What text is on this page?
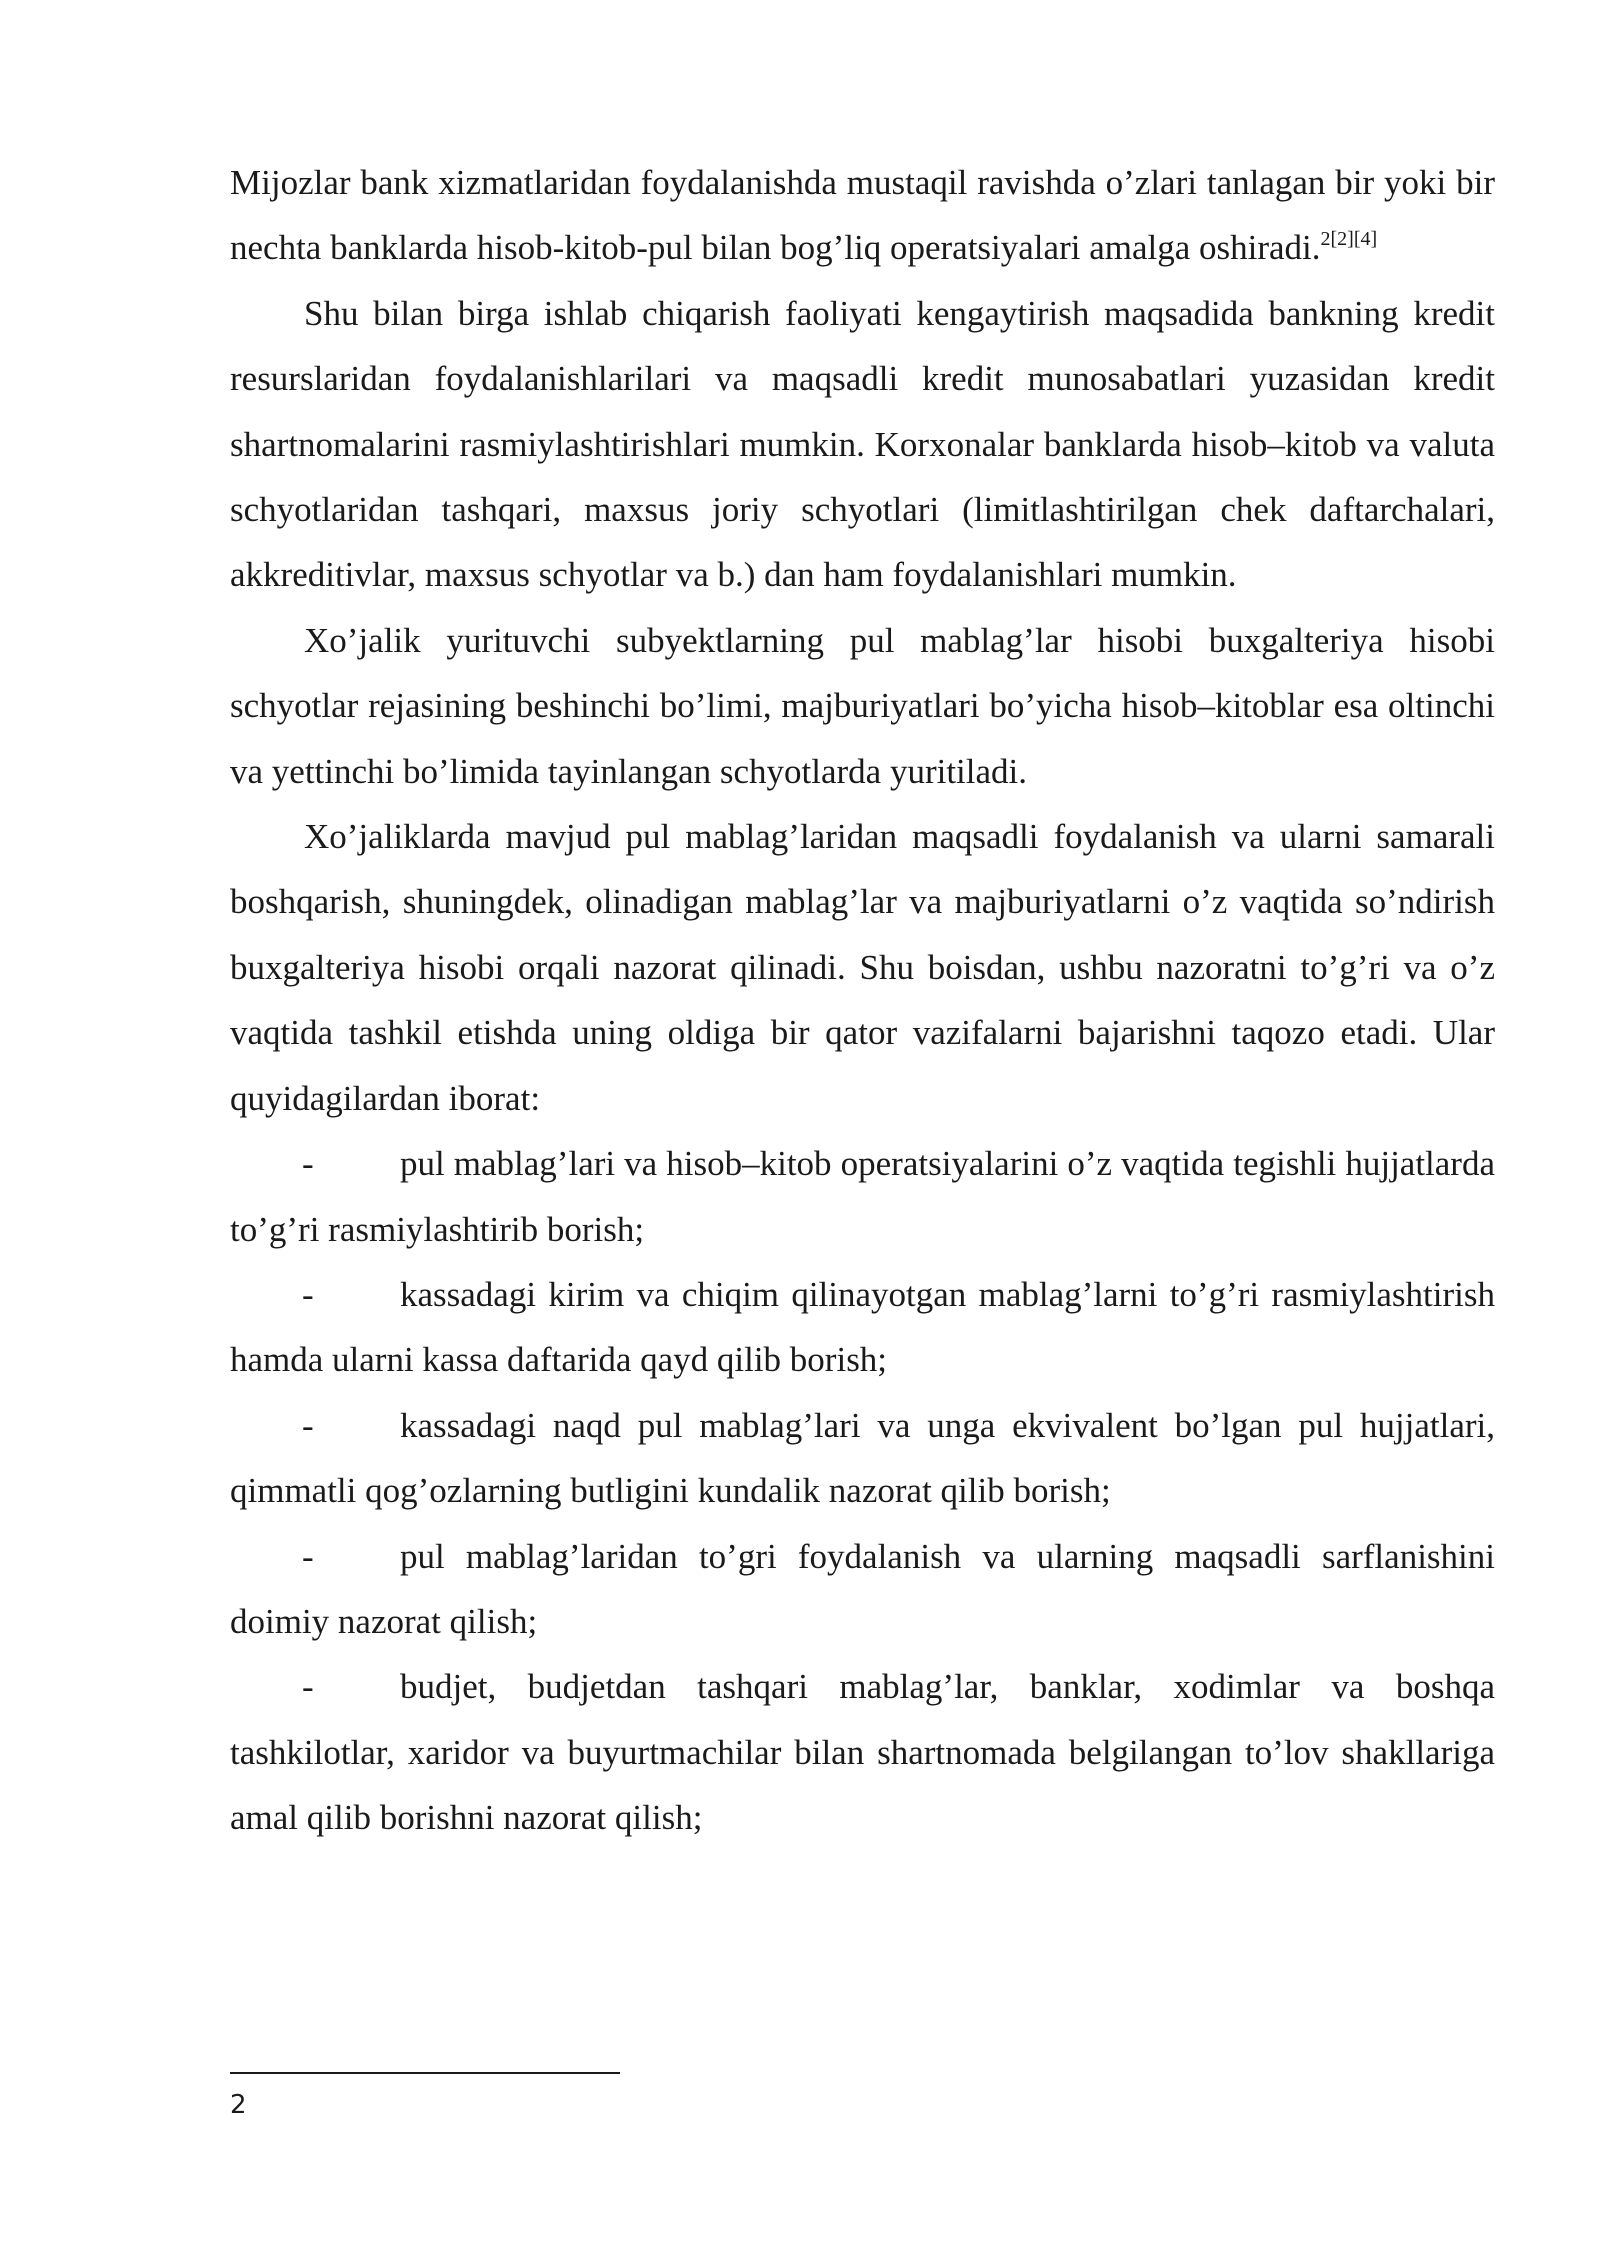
Mijozlar bank xizmatlaridan foydalanishda mustaqil ravishda o’zlari tanlagan bir yoki bir nechta banklarda hisob-kitob-pul bilan bog’liq operatsiyalari amalga oshiradi.$^{2[2][4]}$

Shu bilan birga ishlab chiqarish faoliyati kengaytirish maqsadida bankning kredit resurslaridan foydalanishlarilari va maqsadli kredit munosabatlari yuzasidan kredit shartnomalarini rasmiylashtirishlari mumkin. Korxonalar banklarda hisob–kitob va valuta schyotlaridan tashqari, maxsus joriy schyotlari (limitlashtirilgan chek daftarchalari, akkreditivlar, maxsus schyotlar va b.) dan ham foydalanishlari mumkin.

Xo’jalik yurituvchi subyektlarning pul mablag’lar hisobi buxgalteriya hisobi schyotlar rejasining beshinchi bo’limi, majburiyatlari bo’yicha hisob–kitoblar esa oltinchi va yettinchi bo’limida tayinlangan schyotlarda yuritiladi.

Xo’jaliklarda mavjud pul mablag’laridan maqsadli foydalanish va ularni samarali boshqarish, shuningdek, olinadigan mablag’lar va majburiyatlarni o’z vaqtida so’ndirish buxgalteriya hisobi orqali nazorat qilinadi. Shu boisdan, ushbu nazoratni to’g’ri va o’z vaqtida tashkil etishda uning oldiga bir qator vazifalarni bajarishni taqozo etadi. Ular quyidagilardan iborat:

- pul mablag’lari va hisob–kitob operatsiyalarini o’z vaqtida tegishli hujjatlarda to’g’ri rasmiylashtirib borish;

- kassadagi kirim va chiqim qilinayotgan mablag’larni to’g’ri rasmiylashtirish hamda ularni kassa daftarida qayd qilib borish;

- kassadagi naqd pul mablag’lari va unga ekvivalent bo’lgan pul hujjatlari, qimmatli qog’ozlarning butligini kundalik nazorat qilib borish;

- pul mablag’laridan to’gri foydalanish va ularning maqsadli sarflanishini doimiy nazorat qilish;

- budjet, budjetdan tashqari mablag’lar, banklar, xodimlar va boshqa tashkilotlar, xaridor va buyurtmachilar bilan shartnomada belgilangan to’lov shakllariga amal qilib borishni nazorat qilish;

2
